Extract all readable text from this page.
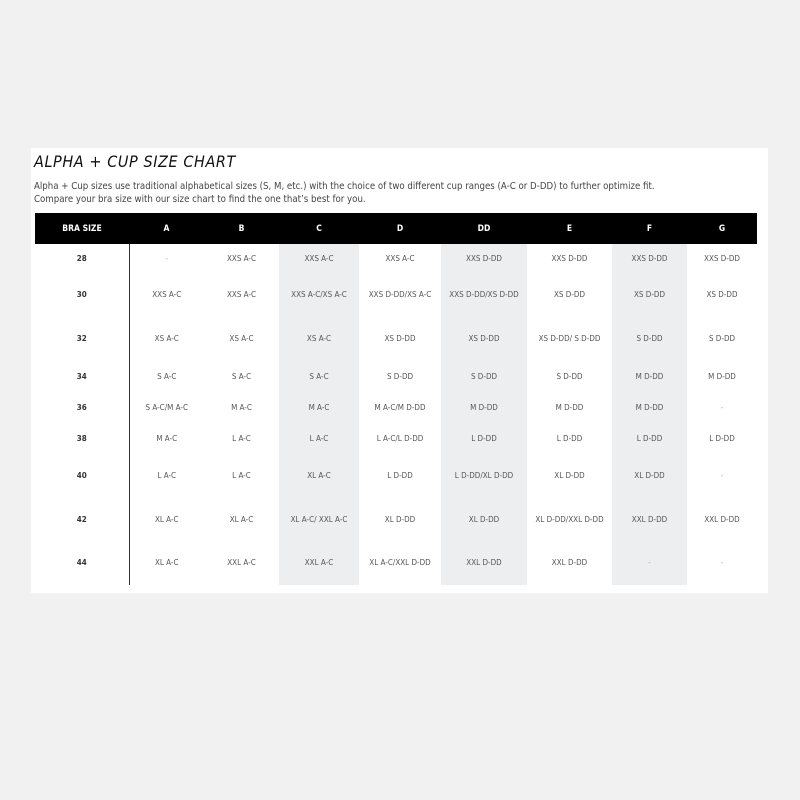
ALPHA + CUP SIZE CHART

Alpha + Cup sizes use traditional alphabetical sizes (S, M, etc.) with the choice of two different cup ranges (A-C or D-DD) to further optimize fit.

Compare your bra size with our size chart to find the one that’s best for you.

BRA SIZE	A	B	C	D	DD	E	F	G
28	-	XXS A-C	XXS A-C	XXS A-C	XXS D-DD	XXS D-DD	XXS D-DD	XXS D-DD
30	XXS A-C	XXS A-C	XXS A-C/XS A-C	XXS D-DD/XS A-C	XXS D-DD/XS D-DD	XS D-DD	XS D-DD	XS D-DD
32	XS A-C	XS A-C	XS A-C	XS D-DD	XS D-DD	XS D-DD/ S D-DD	S D-DD	S D-DD
34	S A-C	S A-C	S A-C	S D-DD	S D-DD	S D-DD	M D-DD	M D-DD
36	S A-C/M A-C	M A-C	M A-C	M A-C/M D-DD	M D-DD	M D-DD	M D-DD	-
38	M A-C	L A-C	L A-C	L A-C/L D-DD	L D-DD	L D-DD	L D-DD	L D-DD
40	L A-C	L A-C	XL A-C	L D-DD	L D-DD/XL D-DD	XL D-DD	XL D-DD	-
42	XL A-C	XL A-C	XL A-C/ XXL A-C	XL D-DD	XL D-DD	XL D-DD/XXL D-DD	XXL D-DD	XXL D-DD
44	XL A-C	XXL A-C	XXL A-C	XL A-C/XXL D-DD	XXL D-DD	XXL D-DD	-	-
